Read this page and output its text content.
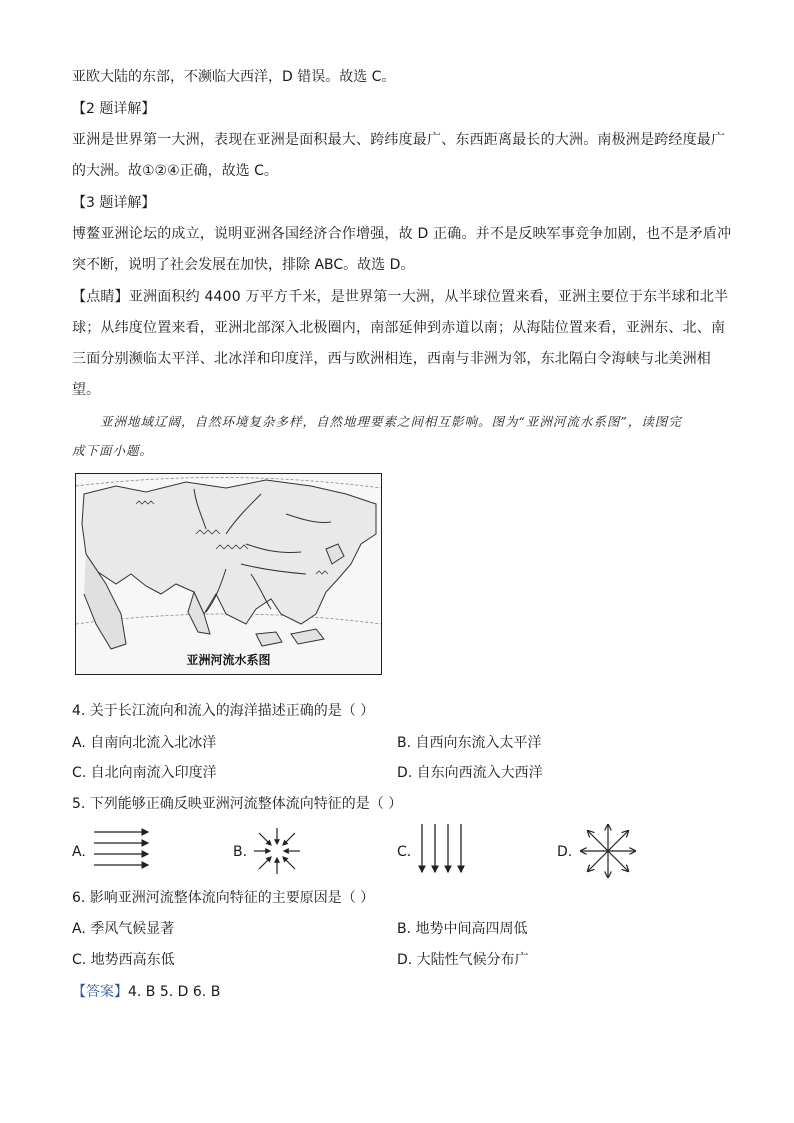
亚欧大陆的东部，不濒临大西洋，D 错误。故选 C。
【2 题详解】
亚洲是世界第一大洲，表现在亚洲是面积最大、跨纬度最广、东西距离最长的大洲。南极洲是跨经度最广
的大洲。故①②④正确，故选 C。
【3 题详解】
博鳌亚洲论坛的成立，说明亚洲各国经济合作增强，故 D 正确。并不是反映军事竞争加剧，也不是矛盾冲
突不断，说明了社会发展在加快，排除 ABC。故选 D。
【点睛】亚洲面积约 4400 万平方千米，是世界第一大洲，从半球位置来看，亚洲主要位于东半球和北半
球；从纬度位置来看，亚洲北部深入北极圈内，南部延伸到赤道以南；从海陆位置来看，亚洲东、北、南
三面分别濒临太平洋、北冰洋和印度洋，西与欧洲相连，西南与非洲为邻，东北隔白令海峡与北美洲相
望。
亚洲地域辽阔，自然环境复杂多样，自然地理要素之间相互影响。图为“亚洲河流水系图”，读图完
成下面小题。
亚洲河流水系图
4. 关于长江流向和流入的海洋描述正确的是（ ）
A. 自南向北流入北冰洋	B. 自西向东流入太平洋
C. 自北向南流入印度洋	D. 自东向西流入大西洋
5. 下列能够正确反映亚洲河流整体流向特征的是（ ）
A.	B.	C.	D.
6. 影响亚洲河流整体流向特征的主要原因是（ ）
A. 季风气候显著	B. 地势中间高四周低
C. 地势西高东低	D. 大陆性气候分布广
【答案】4. B 5. D 6. B
